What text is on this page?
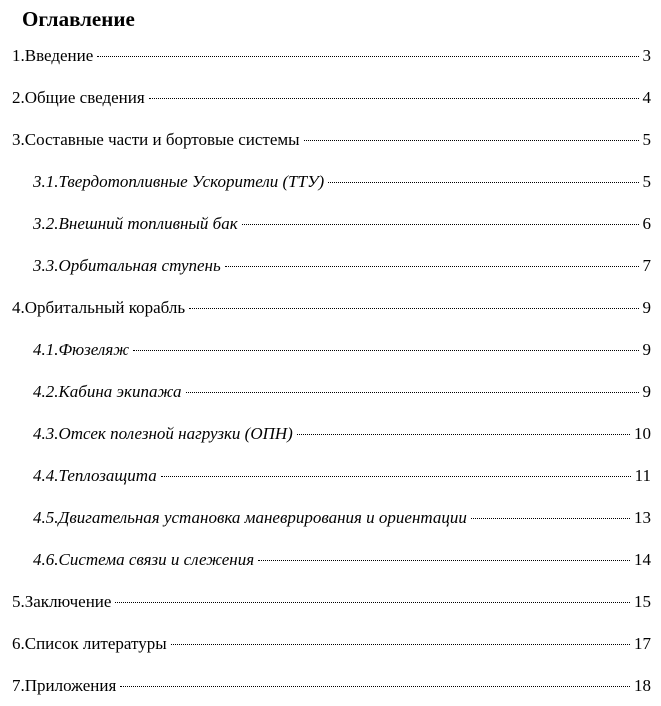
Оглавление
1.Введение	3
2.Общие сведения	4
3.Составные части и бортовые системы	5
3.1.Твердотопливные Ускорители (ТТУ)	5
3.2.Внешний топливный бак	6
3.3.Орбитальная ступень	7
4.Орбитальный корабль	9
4.1.Фюзеляж	9
4.2.Кабина экипажа	9
4.3.Отсек полезной нагрузки (ОПН)	10
4.4.Теплозащита	11
4.5.Двигательная установка маневрирования и ориентации	13
4.6.Система связи и слежения	14
5.Заключение	15
6.Список литературы	17
7.Приложения	18
